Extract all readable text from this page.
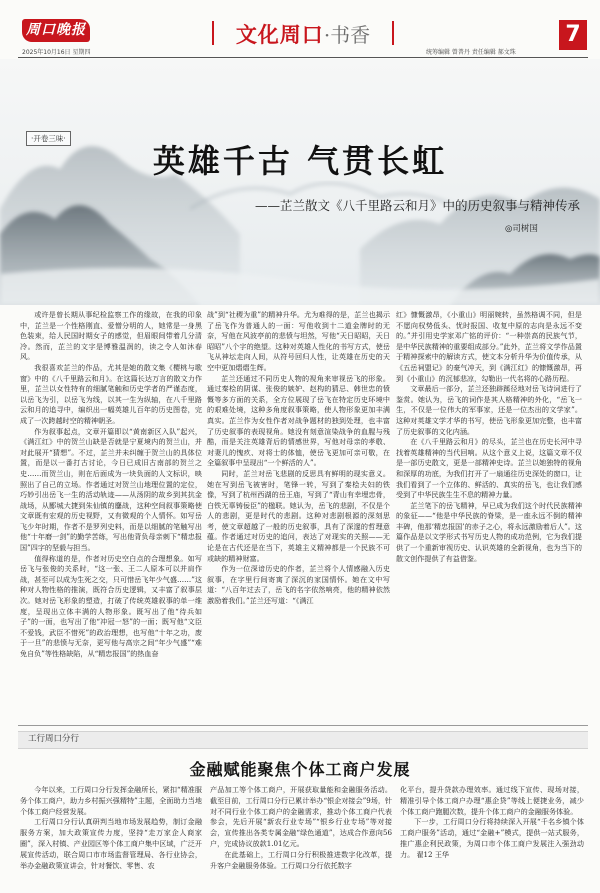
周口晚报
2025年10月16日 星期四
文化周口·书香	7
统筹编辑 曾普丹 责任编辑 郝文珠
·开卷三味·
英雄千古 气贯长虹
——芷兰散文《八千里路云和月》中的历史叙事与精神传承
◎司树国

或许是曾长期从事纪检监察工作的缘故，在我的印象中，芷兰是一个性格刚直、爱憎分明的人，她常是一身黑色装束，给人民国时期女子的感觉，但眉眼间带着几分清冷。然而，芷兰的文字是博雅温润的，读之令人如沐春风。

我很喜欢芷兰的作品，尤其是她的散文集《樱桃与歌窗》中的《八千里路云和月》。在这篇长达万言的散文力作里，芷兰以女性特有的细腻笔触和历史学者的严谨态度，以岳飞为引，以岳飞为线，以其一生为纵轴，在八千里路云和月的追寻中，编织出一幅英雄儿百年的历史图卷，完成了一次跨越时空的精神朝圣。

作为叙事起点，文章开篇即以“黄南新区入队”起兴，《满江红》中的贺兰山缺是否就是宁夏境内的贺兰山，并对此展开“猜想”。不过，芷兰并未纠缠于贺兰山的具体位置，而是以一番打古讨论，今日已成旧古南部的贺兰之史……而贺兰山，则在后面成为一块负面的人文标识，映照出了自己的立场。作者通过对贺兰山地理位置的定位，巧妙引出岳飞一生的活动轨迹——从汤阴的故乡到其抗金战场，从郾城大捷到朱仙镇的鏖战，这种空间叙事策略使文章既有宏观的历史视野，又有微观的个人情怀。如写岳飞少年时期，作者不是罗列史料，而是以细腻的笔触写出他“十年磨一剑”的勤学苦练，写出他背负母亲刺下“精忠报国”四字的坚毅与担当。

值得称道的是，作者对历史空白点的合理想象。如写岳飞与张俊的关系时，“这一张、王二人原本可以并肩作战，甚至可以成为生死之交，只可惜岳飞年少气盛……”这种对人物性格的推演，既符合历史逻辑，又丰富了叙事层次。她对岳飞形象的塑造，打破了传统英雄叙事的单一维度，呈现出立体丰满的人物形象。既写出了他“待兵如子”的一面，也写出了他“冲冠一怒”的一面；既写他“文臣不爱钱，武臣不惜死”的政治理想，也写他“十年之功，废于一旦”的悲愤与无奈，更写他与高宗之间“年少气盛”“难免自负”等性格缺陷，从“精忠报国”的热血奋

战”到“社稷为重”的精神升华。尤为难得的是，芷兰也揭示了岳飞作为普通人的一面：写他收到十二道金牌时的无奈，写他在风波亭前的悲愤与坦然，写他“天日昭昭，天日昭昭”八个字的绝望。这种对英雄人性化的书写方式，使岳飞从神坛走向人间，从符号回归人性，让英雄在历史的天空中更加熠熠生辉。

芷兰还通过不同历史人物的视角来审视岳飞的形象。通过秦桧的阴谋、张俊的嫉妒、赵构的猜忌、韩世忠的愤慨等多方面的关系，全方位展现了岳飞在特定历史环境中的艰难处境，这种多角度叙事策略，使人物形象更加丰满真实。芷兰作为女性作者对战争题材的独到处理，也丰富了历史叙事的表现视角。她没有刻意渲染战争的血腥与残酷，而是关注英雄背后的情感世界，写他对母亲的孝敬、对妻儿的愧疚、对将士的体恤，使岳飞更加可亲可敬，在全篇叙事中呈现出“一个鲜活的人”。

同时，芷兰对岳飞悲剧的反思具有鲜明的现实意义。她在写到岳飞被害时，笔锋一转，写到了秦桧夫妇的铁像，写到了杭州西湖的岳王庙，写到了“青山有幸埋忠骨，白铁无辜铸佞臣”的楹联。她认为，岳飞的悲剧，不仅是个人的悲剧，更是时代的悲剧。这种对悲剧根源的深刻思考，使文章超越了一般的历史叙事，具有了深邃的哲理意蕴。作者通过对历史的追问，表达了对现实的关照——无论是在古代还是在当下，英雄主义精神都是一个民族不可或缺的精神财富。

作为一位深谙历史的作者，芷兰将个人情感融入历史叙事，在字里行间寄寓了深沉的家国情怀。她在文中写道：“八百年过去了，岳飞的名字依然响亮，他的精神依然激励着我们。”芷兰还写道：“《满江

红》慷慨激昂，《小重山》明丽婉转，虽然格调不同，但是不愿向权势低头、忧时报国、收复中原的志向是永远不变的。”并引用史学家邓广铭的评价：“一种崇高的民族气节，是中华民族精神的重要组成部分。”此外，芷兰将文学作品置于精神探索中的解读方式，使文本分析升华为价值传承，从《五岳祠盟记》的豪气冲天，到《满江红》的慷慨激昂，再到《小重山》的沉郁悲凉，勾勒出一代名将的心路历程。

文章最后一部分，芷兰还独辟蹊径地对岳飞诗词进行了鉴赏。她认为，岳飞的词作是其人格精神的外化，“岳飞一生，不仅是一位伟大的军事家，还是一位杰出的文学家”。这种对英雄文学才华的书写，使岳飞形象更加完整，也丰富了历史叙事的文化内涵。

在《八千里路云和月》的尽头，芷兰也在历史长河中寻找着英雄精神的当代回响。从这个意义上说，这篇文章不仅是一部历史散文，更是一部精神史诗。芷兰以她独特的视角和深厚的功底，为我们打开了一扇通往历史深处的窗口，让我们看到了一个立体的、鲜活的、真实的岳飞，也让我们感受到了中华民族生生不息的精神力量。

芷兰笔下的岳飞精神，早已成为我们这个时代民族精神的象征——“他是中华民族的脊梁，是一座永远不倒的精神丰碑，他那‘精忠报国’的赤子之心，将永远激励着后人”。这篇作品是以文学形式书写历史人物的成功范例，它为我们提供了一个重新审视历史、认识英雄的全新视角，也为当下的散文创作提供了有益借鉴。

工行周口分行
金融赋能聚焦个体工商户发展

今年以来，工行周口分行发挥金融所长，紧扣“精准服务个体工商户，助力乡村振兴强精特”主题，全面助力当地个体工商户经营发展。

工行周口分行认真研判当地市场发展趋势，制订金融服务方案，加大政策宣传力度，坚持“走万家企人商家圈”，深入村镇、产业园区等个体工商户集中区域，广泛开展宣传活动，联合周口市市场监督管理局、各行业协会，举办金融政策宣讲会，针对餐饮、零售、农

产品加工等个体工商户，开展获取量能和金融服务活动。截至目前，工行周口分行已累计举办“银企对接会”9场，针对不同行业个体工商户的金融需求，推动个体工商户代表参会，先后开展“新农行业专场”“银乡行业专场”等对接会，宣传推出各类专属金融“绿色通道”，达成合作意向56户，完成协议放款1.01亿元。

在此基础上，工行周口分行积极推进数字化改革，提升客户金融服务体验。工行周口分行依托数字

化平台，提升贷款办理效率。通过线下宣传、现场对接，精准引导个体工商户办理“惠企贷”等线上便捷业务，减少个体工商户跑腿次数，提升个体工商户的金融服务体验。

下一步，工行周口分行将持续深入开展“千名乡镇个体工商户服务”活动，通过“金融+”模式，提供一站式服务，推广惠企利民政策，为周口市个体工商户发展注入强劲动力。 翟12 王华
